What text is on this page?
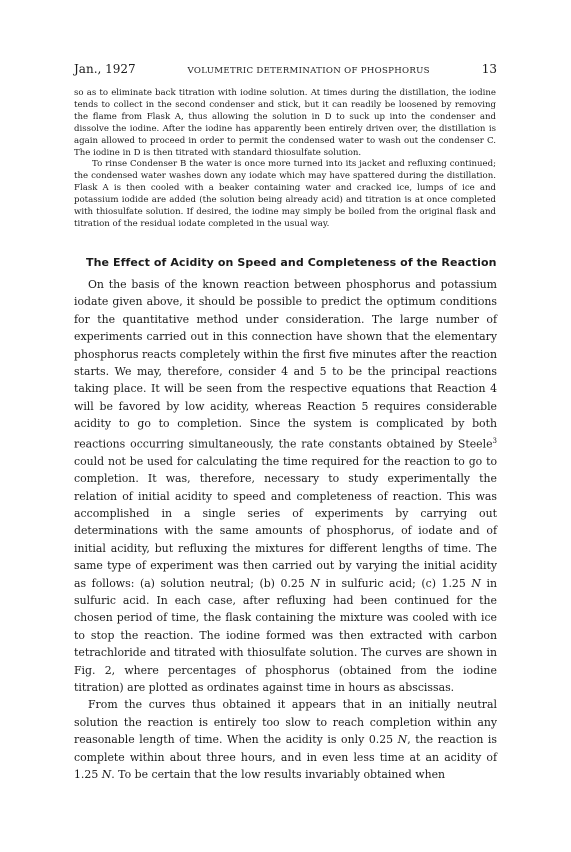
Jan., 1927	VOLUMETRIC DETERMINATION OF PHOSPHORUS	13

so as to eliminate back titration with iodine solution. At times during the distillation, the iodine tends to collect in the second condenser and stick, but it can readily be loosened by removing the flame from Flask A, thus allowing the solution in D to suck up into the condenser and dissolve the iodine. After the iodine has apparently been entirely driven over, the distillation is again allowed to proceed in order to permit the condensed water to wash out the condenser C. The iodine in D is then titrated with standard thiosulfate solution.

To rinse Condenser B the water is once more turned into its jacket and refluxing continued; the condensed water washes down any iodate which may have spattered during the distillation. Flask A is then cooled with a beaker containing water and cracked ice, lumps of ice and potassium iodide are added (the solution being already acid) and titration is at once completed with thiosulfate solution. If desired, the iodine may simply be boiled from the original flask and titration of the residual iodate completed in the usual way.

The Effect of Acidity on Speed and Completeness of the Reaction

On the basis of the known reaction between phosphorus and potassium iodate given above, it should be possible to predict the optimum conditions for the quantitative method under consideration. The large number of experiments carried out in this connection have shown that the elementary phosphorus reacts completely within the first five minutes after the reaction starts. We may, therefore, consider 4 and 5 to be the principal reactions taking place. It will be seen from the respective equations that Reaction 4 will be favored by low acidity, whereas Reaction 5 requires considerable acidity to go to completion. Since the system is complicated by both reactions occurring simultaneously, the rate constants obtained by Steele$^3$ could not be used for calculating the time required for the reaction to go to completion. It was, therefore, necessary to study experimentally the relation of initial acidity to speed and completeness of reaction. This was accomplished in a single series of experiments by carrying out determinations with the same amounts of phosphorus, of iodate and of initial acidity, but refluxing the mixtures for different lengths of time. The same type of experiment was then carried out by varying the initial acidity as follows: (a) solution neutral; (b) 0.25 N in sulfuric acid; (c) 1.25 N in sulfuric acid. In each case, after refluxing had been continued for the chosen period of time, the flask containing the mixture was cooled with ice to stop the reaction. The iodine formed was then extracted with carbon tetrachloride and titrated with thiosulfate solution. The curves are shown in Fig. 2, where percentages of phosphorus (obtained from the iodine titration) are plotted as ordinates against time in hours as abscissas.

From the curves thus obtained it appears that in an initially neutral solution the reaction is entirely too slow to reach completion within any reasonable length of time. When the acidity is only 0.25 N, the reaction is complete within about three hours, and in even less time at an acidity of 1.25 N. To be certain that the low results invariably obtained when
